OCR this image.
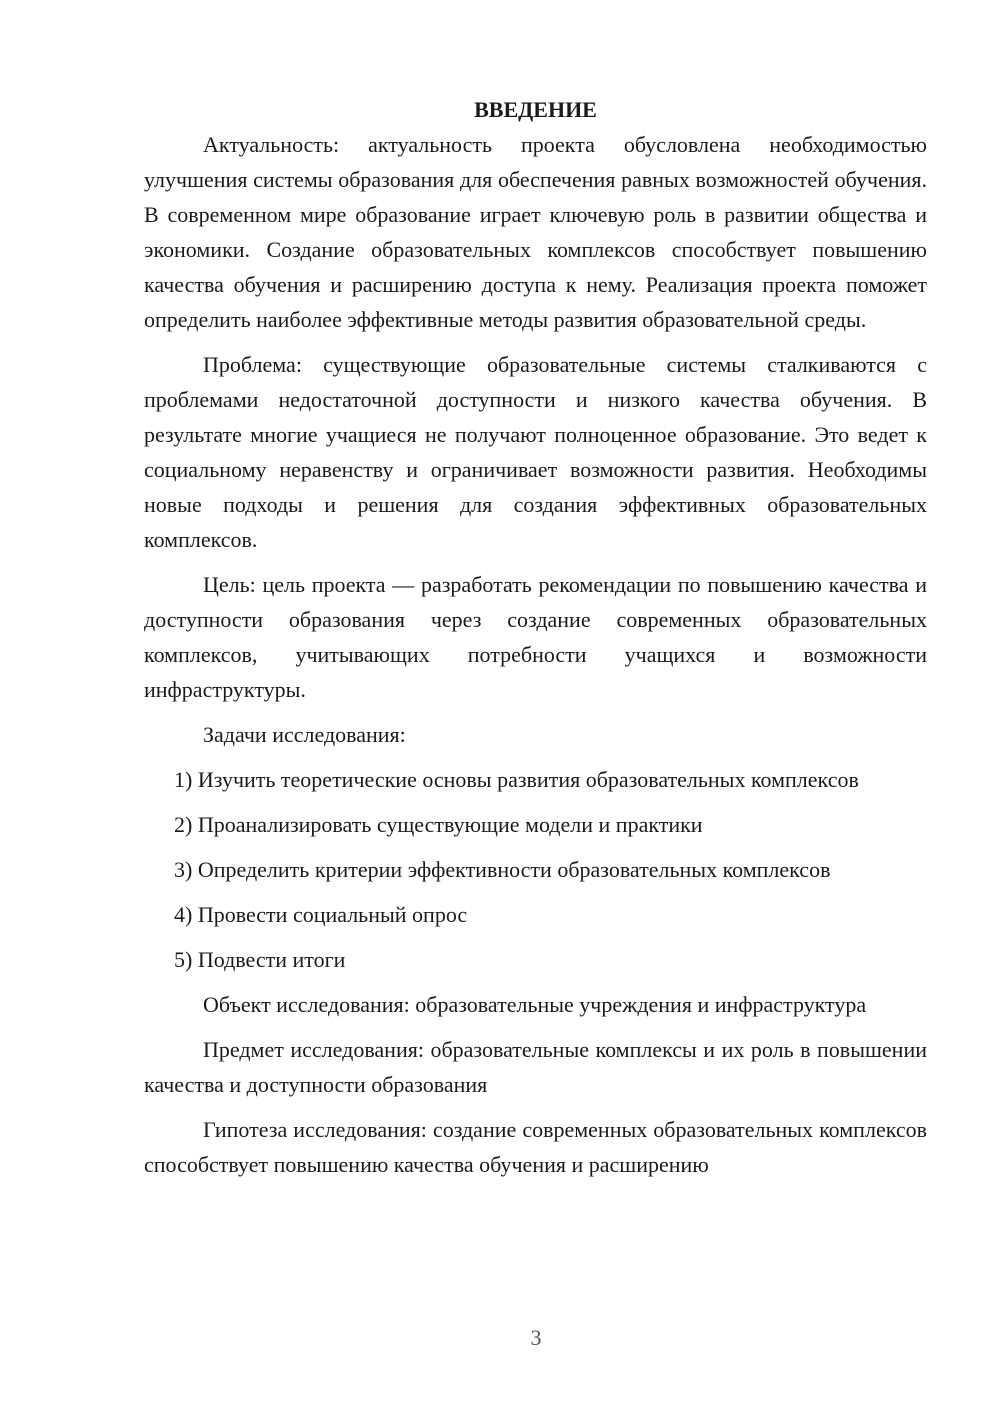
ВВЕДЕНИЕ

Актуальность: актуальность проекта обусловлена необходимостью улучшения системы образования для обеспечения равных возможностей обучения. В современном мире образование играет ключевую роль в развитии общества и экономики. Создание образовательных комплексов способствует повышению качества обучения и расширению доступа к нему. Реализация проекта поможет определить наиболее эффективные методы развития образовательной среды.

Проблема: существующие образовательные системы сталкиваются с проблемами недостаточной доступности и низкого качества обучения. В результате многие учащиеся не получают полноценное образование. Это ведет к социальному неравенству и ограничивает возможности развития. Необходимы новые подходы и решения для создания эффективных образовательных комплексов.

Цель: цель проекта — разработать рекомендации по повышению качества и доступности образования через создание современных образовательных комплексов, учитывающих потребности учащихся и возможности инфраструктуры.

Задачи исследования:

1) Изучить теоретические основы развития образовательных комплексов

2) Проанализировать существующие модели и практики

3) Определить критерии эффективности образовательных комплексов

4) Провести социальный опрос

5) Подвести итоги

Объект исследования: образовательные учреждения и инфраструктура

Предмет исследования: образовательные комплексы и их роль в повышении качества и доступности образования

Гипотеза исследования: создание современных образовательных комплексов способствует повышению качества обучения и расширению

3
